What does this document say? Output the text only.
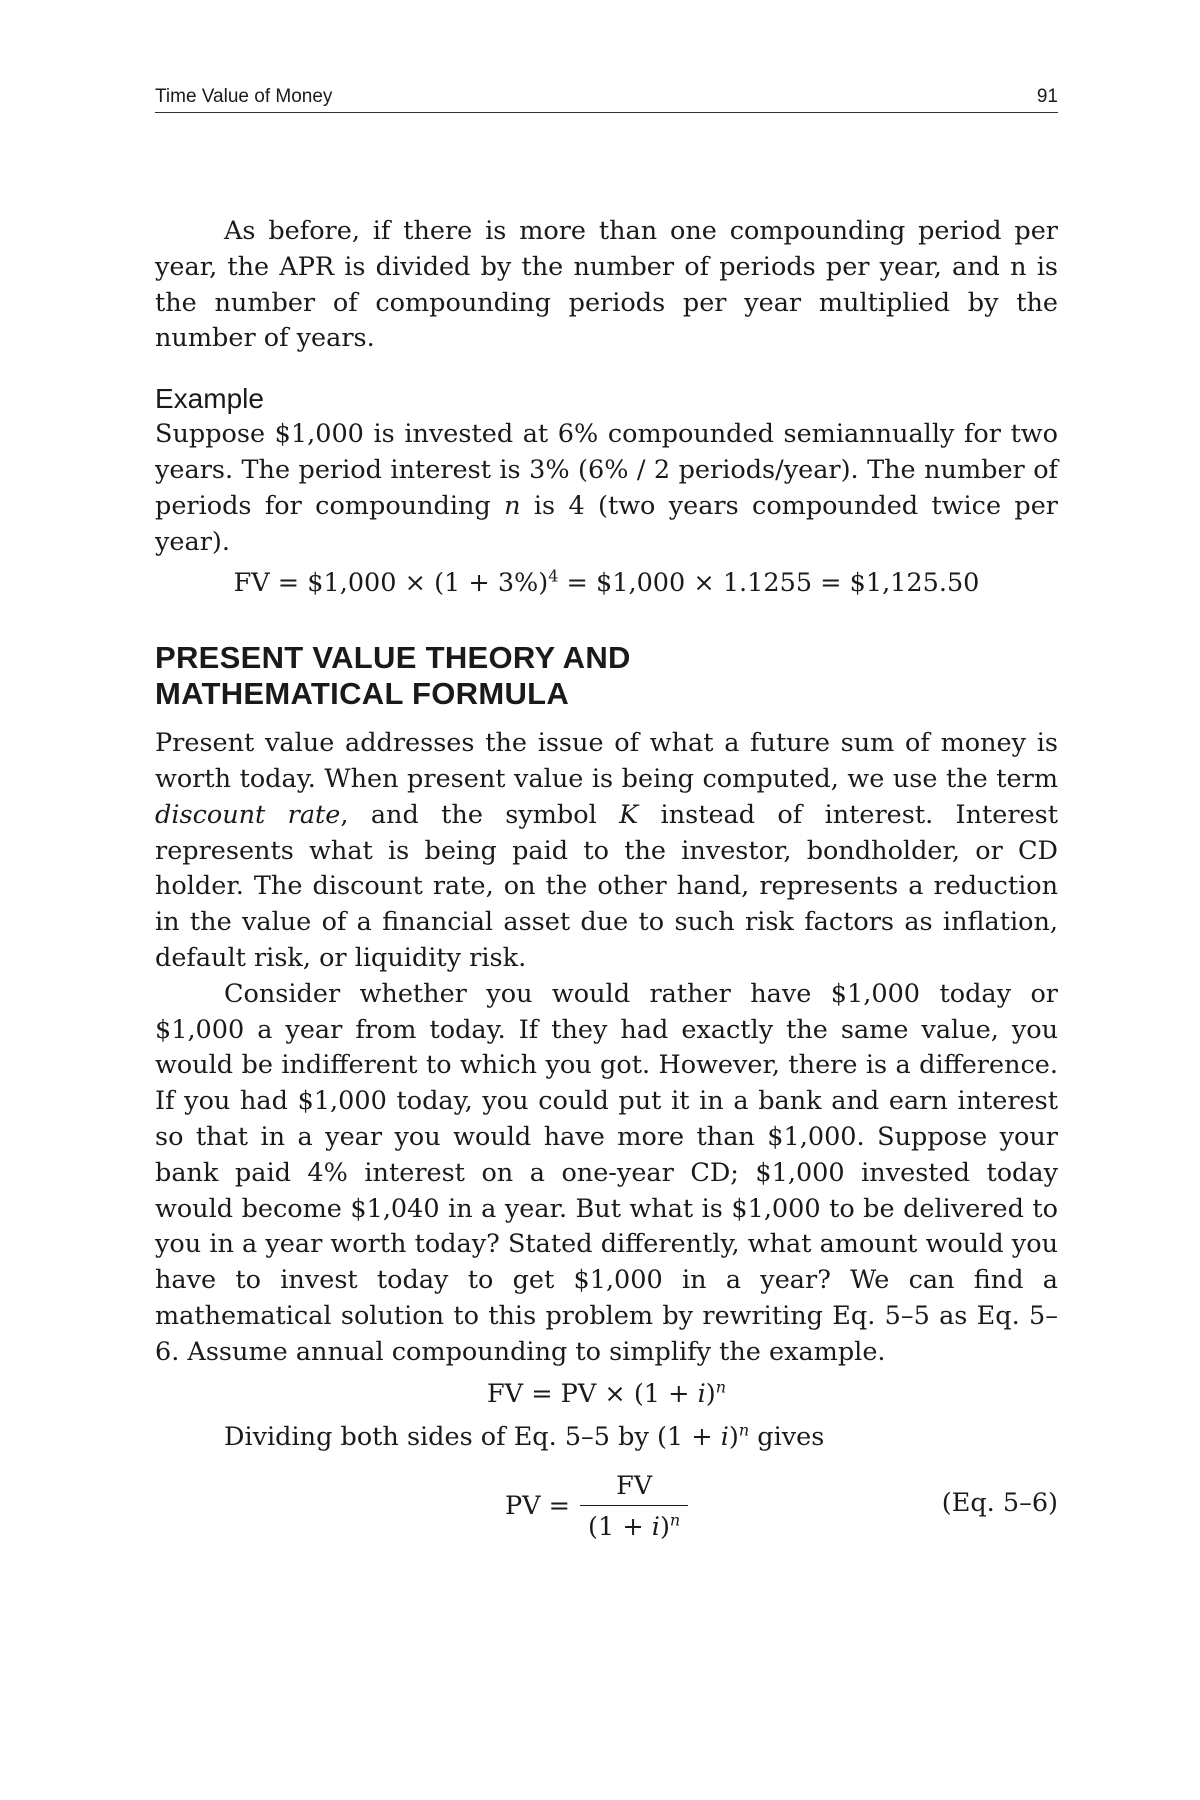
Time Value of Money	91

As before, if there is more than one compounding period per year, the APR is divided by the number of periods per year, and n is the number of compounding periods per year multiplied by the number of years.

Example

Suppose $1,000 is invested at 6% compounded semiannually for two years. The period interest is 3% (6% / 2 periods/year). The number of periods for compounding n is 4 (two years compounded twice per year).

FV = $1,000 × $(1 + 3\%)^4$ = $1,000 × 1.1255 = $1,125.50
PRESENT VALUE THEORY AND
MATHEMATICAL FORMULA

Present value addresses the issue of what a future sum of money is worth today. When present value is being computed, we use the term discount rate, and the symbol K instead of interest. Interest represents what is being paid to the investor, bondholder, or CD holder. The discount rate, on the other hand, represents a reduction in the value of a financial asset due to such risk factors as inflation, default risk, or liquidity risk.

Consider whether you would rather have $1,000 today or $1,000 a year from today. If they had exactly the same value, you would be indifferent to which you got. However, there is a difference. If you had $1,000 today, you could put it in a bank and earn interest so that in a year you would have more than $1,000. Suppose your bank paid 4% interest on a one-year CD; $1,000 invested today would become $1,040 in a year. But what is $1,000 to be delivered to you in a year worth today? Stated differently, what amount would you have to invest today to get $1,000 in a year? We can find a mathematical solution to this problem by rewriting Eq. 5–5 as Eq. 5–6. Assume annual compounding to simplify the example.

FV = PV × $(1 + i)^n$

Dividing both sides of Eq. 5–5 by $(1 + i)^n$ gives

PV = $\frac{FV}{(1 + i)^n}$	(Eq. 5–6)
